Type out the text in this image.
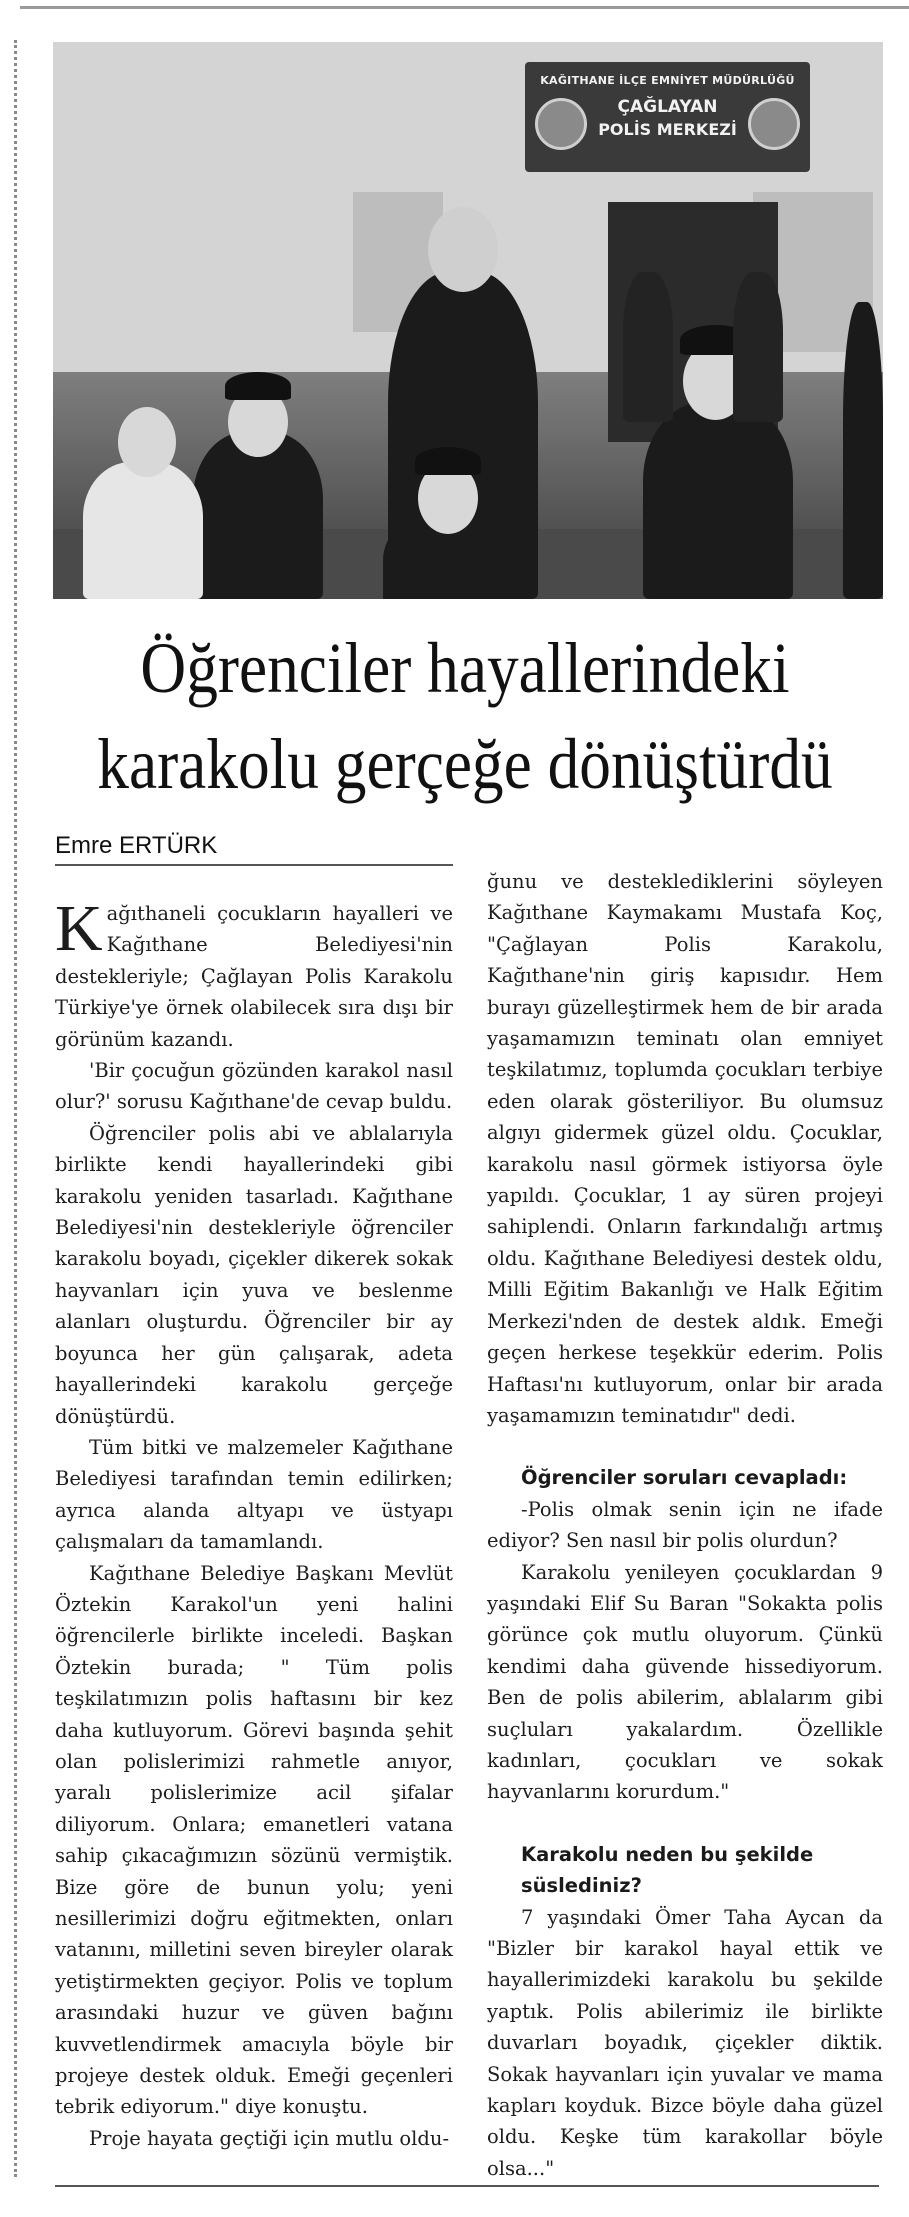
KAĞITHANE İLÇE EMNİYET MÜDÜRLÜĞÜ
ÇAĞLAYAN
POLİS MERKEZİ
Öğrenciler hayallerindeki
karakolu gerçeğe dönüştürdü
Emre ERTÜRK

Kağıthaneli çocukların hayalleri ve Kağıthane Belediyesi'nin destekleriyle; Çağlayan Polis Karakolu Türkiye'ye örnek olabilecek sıra dışı bir görünüm kazandı.

'Bir çocuğun gözünden karakol nasıl olur?' sorusu Kağıthane'de cevap buldu.

Öğrenciler polis abi ve ablalarıyla birlikte kendi hayallerindeki gibi karakolu yeniden tasarladı. Kağıthane Belediyesi'nin destekleriyle öğrenciler karakolu boyadı, çiçekler dikerek sokak hayvanları için yuva ve beslenme alanları oluşturdu. Öğrenciler bir ay boyunca her gün çalışarak, adeta hayallerindeki karakolu gerçeğe dönüştürdü.

Tüm bitki ve malzemeler Kağıthane Belediyesi tarafından temin edilirken; ayrıca alanda altyapı ve üstyapı çalışmaları da tamamlandı.

Kağıthane Belediye Başkanı Mevlüt Öztekin Karakol'un yeni halini öğrencilerle birlikte inceledi. Başkan Öztekin burada; " Tüm polis teşkilatımızın polis haftasını bir kez daha kutluyorum. Görevi başında şehit olan polislerimizi rahmetle anıyor, yaralı polislerimize acil şifalar diliyorum. Onlara; emanetleri vatana sahip çıkacağımızın sözünü vermiştik. Bize göre de bunun yolu; yeni nesillerimizi doğru eğitmekten, onları vatanını, milletini seven bireyler olarak yetiştirmekten geçiyor. Polis ve toplum arasındaki huzur ve güven bağını kuvvetlendirmek amacıyla böyle bir projeye destek olduk. Emeği geçenleri tebrik ediyorum." diye konuştu.

Proje hayata geçtiği için mutlu oldu-

ğunu ve desteklediklerini söyleyen Kağıthane Kaymakamı Mustafa Koç, "Çağlayan Polis Karakolu, Kağıthane'nin giriş kapısıdır. Hem burayı güzelleştirmek hem de bir arada yaşamamızın teminatı olan emniyet teşkilatımız, toplumda çocukları terbiye eden olarak gösteriliyor. Bu olumsuz algıyı gidermek güzel oldu. Çocuklar, karakolu nasıl görmek istiyorsa öyle yapıldı. Çocuklar, 1 ay süren projeyi sahiplendi. Onların farkındalığı artmış oldu. Kağıthane Belediyesi destek oldu, Milli Eğitim Bakanlığı ve Halk Eğitim Merkezi'nden de destek aldık. Emeği geçen herkese teşekkür ederim. Polis Haftası'nı kutluyorum, onlar bir arada yaşamamızın teminatıdır" dedi.

Öğrenciler soruları cevapladı:

-Polis olmak senin için ne ifade ediyor? Sen nasıl bir polis olurdun?

Karakolu yenileyen çocuklardan 9 yaşındaki Elif Su Baran "Sokakta polis görünce çok mutlu oluyorum. Çünkü kendimi daha güvende hissediyorum. Ben de polis abilerim, ablalarım gibi suçluları yakalardım. Özellikle kadınları, çocukları ve sokak hayvanlarını korurdum."

Karakolu neden bu şekilde
süslediniz?

7 yaşındaki Ömer Taha Aycan da "Bizler bir karakol hayal ettik ve hayallerimizdeki karakolu bu şekilde yaptık. Polis abilerimiz ile birlikte duvarları boyadık, çiçekler diktik. Sokak hayvanları için yuvalar ve mama kapları koyduk. Bizce böyle daha güzel oldu. Keşke tüm karakollar böyle olsa..."
